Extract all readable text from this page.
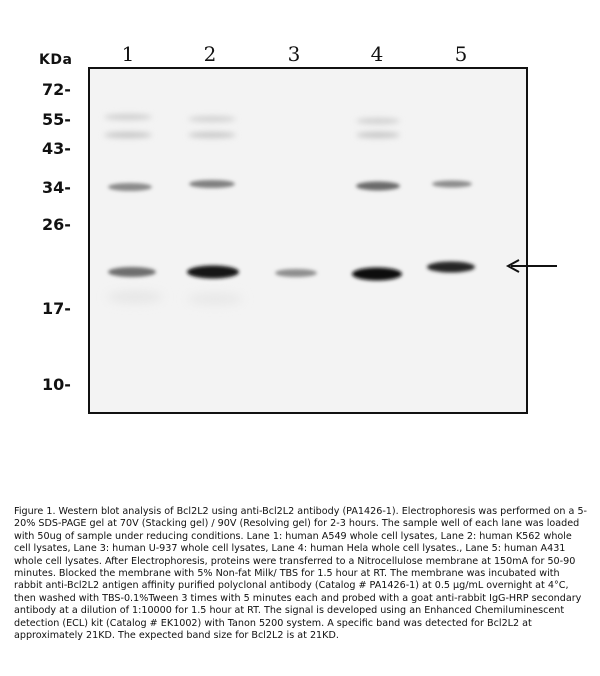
KDa	1	2	3	4	5
72-
55-
43-
34-
26-
17-
10-
Figure 1. Western blot analysis of Bcl2L2 using anti-Bcl2L2 antibody (PA1426-1). Electrophoresis was performed on a 5-20% SDS-PAGE gel at 70V (Stacking gel) / 90V (Resolving gel) for 2-3 hours. The sample well of each lane was loaded with 50ug of sample under reducing conditions. Lane 1: human A549 whole cell lysates, Lane 2: human K562 whole cell lysates, Lane 3: human U-937 whole cell lysates, Lane 4: human Hela whole cell lysates., Lane 5: human A431 whole cell lysates. After Electrophoresis, proteins were transferred to a Nitrocellulose membrane at 150mA for 50-90 minutes. Blocked the membrane with 5% Non-fat Milk/ TBS for 1.5 hour at RT. The membrane was incubated with rabbit anti-Bcl2L2 antigen affinity purified polyclonal antibody (Catalog # PA1426-1) at 0.5 μg/mL overnight at 4°C, then washed with TBS-0.1%Tween 3 times with 5 minutes each and probed with a goat anti-rabbit IgG-HRP secondary antibody at a dilution of 1:10000 for 1.5 hour at RT. The signal is developed using an Enhanced Chemiluminescent detection (ECL) kit (Catalog # EK1002) with Tanon 5200 system. A specific band was detected for Bcl2L2 at approximately 21KD. The expected band size for Bcl2L2 is at 21KD.
